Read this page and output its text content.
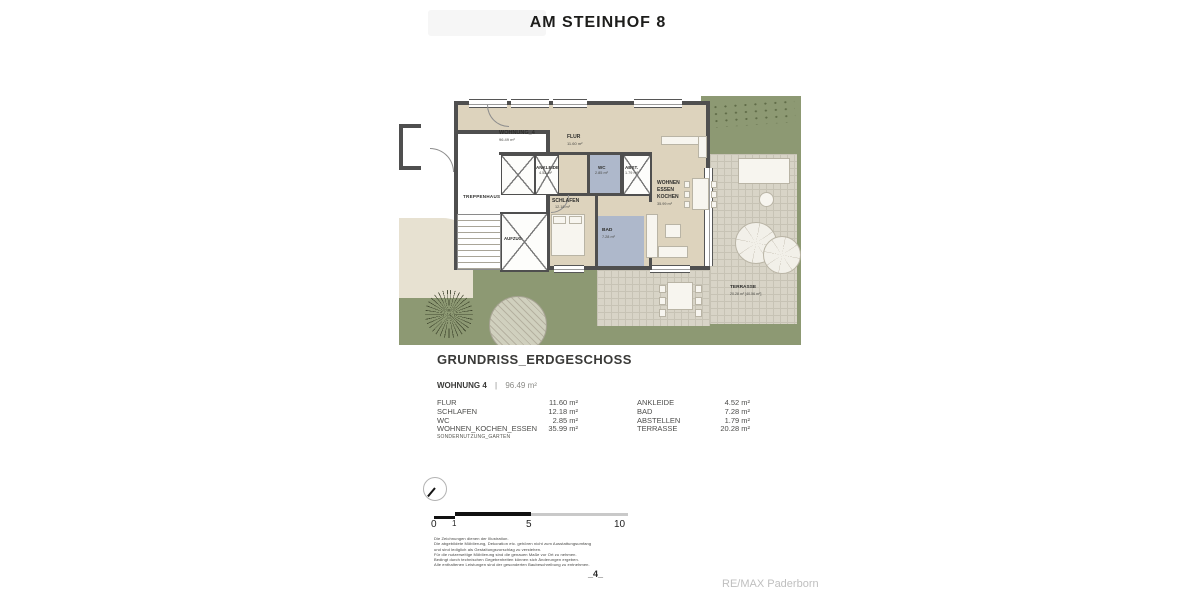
AM STEINHOF 8
WOHNUNG_4
96.49 m²	FLUR
11.60 m²
ANKLEIDE
4.52 m²
WC
2.85 m²
ABST.
1.79 m²
SCHLAFEN
12.18 m²
WOHNEN
ESSEN
KOCHEN
35.99 m²
BAD
7.28 m²
TREPPENHAUS
AUFZUG
TERRASSE
20.28 m² [40.56 m²]
GRUNDRISS_ERDGESCHOSS
WOHNUNG 4 | 96.49 m²
FLUR	11.60 m²
SCHLAFEN	12.18 m²
WC	2.85 m²
WOHNEN_KOCHEN_ESSEN 35.99 m²
ANKLEIDE	4.52 m²
BAD	7.28 m²
ABSTELLEN	1.79 m²
TERRASSE	20.28 m²
SONDERNUTZUNG_GARTEN
0 1	5	10
Die Zeichnungen dienen der Illustration.
Die abgebildete Möblierung, Dekoration etc. gehören nicht zum Ausstattungsumfang
und sind lediglich als Gestaltungsvorschlag zu verstehen.
Für die nutzerseitige Möblierung sind die genauen Maße vor Ort zu nehmen.
Bedingt durch technischen Gegebenheiten können sich Änderungen ergeben.
Alle enthaltenen Leistungen sind der gesonderten Baubeschreibung zu entnehmen.
_4_
RE/MAX Paderborn
